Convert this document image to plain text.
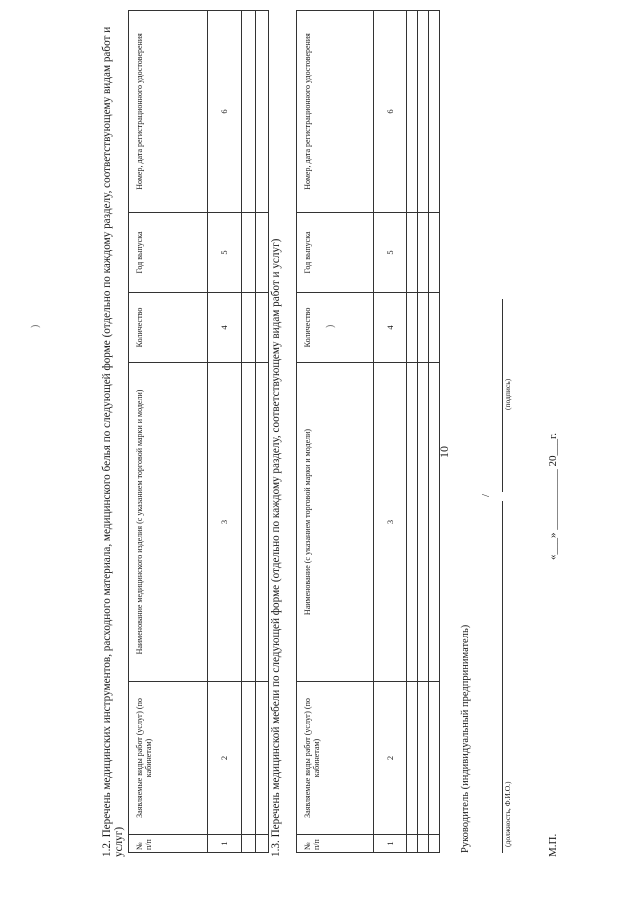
10
1.2. Перечень медицинских инструментов, расходного материала, медицинского белья по следующей форме (отдельно по каждому разделу, соответствующему видам работ и услуг) № п/п	Заявляемые виды работ (услуг) (по кабинетам)	Наименование медицинского изделия (с указанием торговой марки и модели)	Количество	Год выпуска	Номер, дата регистрационного удостоверения
1	2	3	4	5	6

1.3. Перечень медицинской мебели по следующей форме (отдельно по каждому разделу, соответствующему видам работ и услуг)	№ п/п	Заявляемые виды работ (услуг) (по кабинетам)	Наименование (с указанием торговой марки и модели)	Количество	Год выпуска	Номер, дата регистрационного удостоверения
1	2	3	4	5	6

Руководитель (индивидуальный предприниматель)
/
(должность, Ф.И.О.)
(подпись)
М.П.
«___» ___________ 20___г.
)	)
